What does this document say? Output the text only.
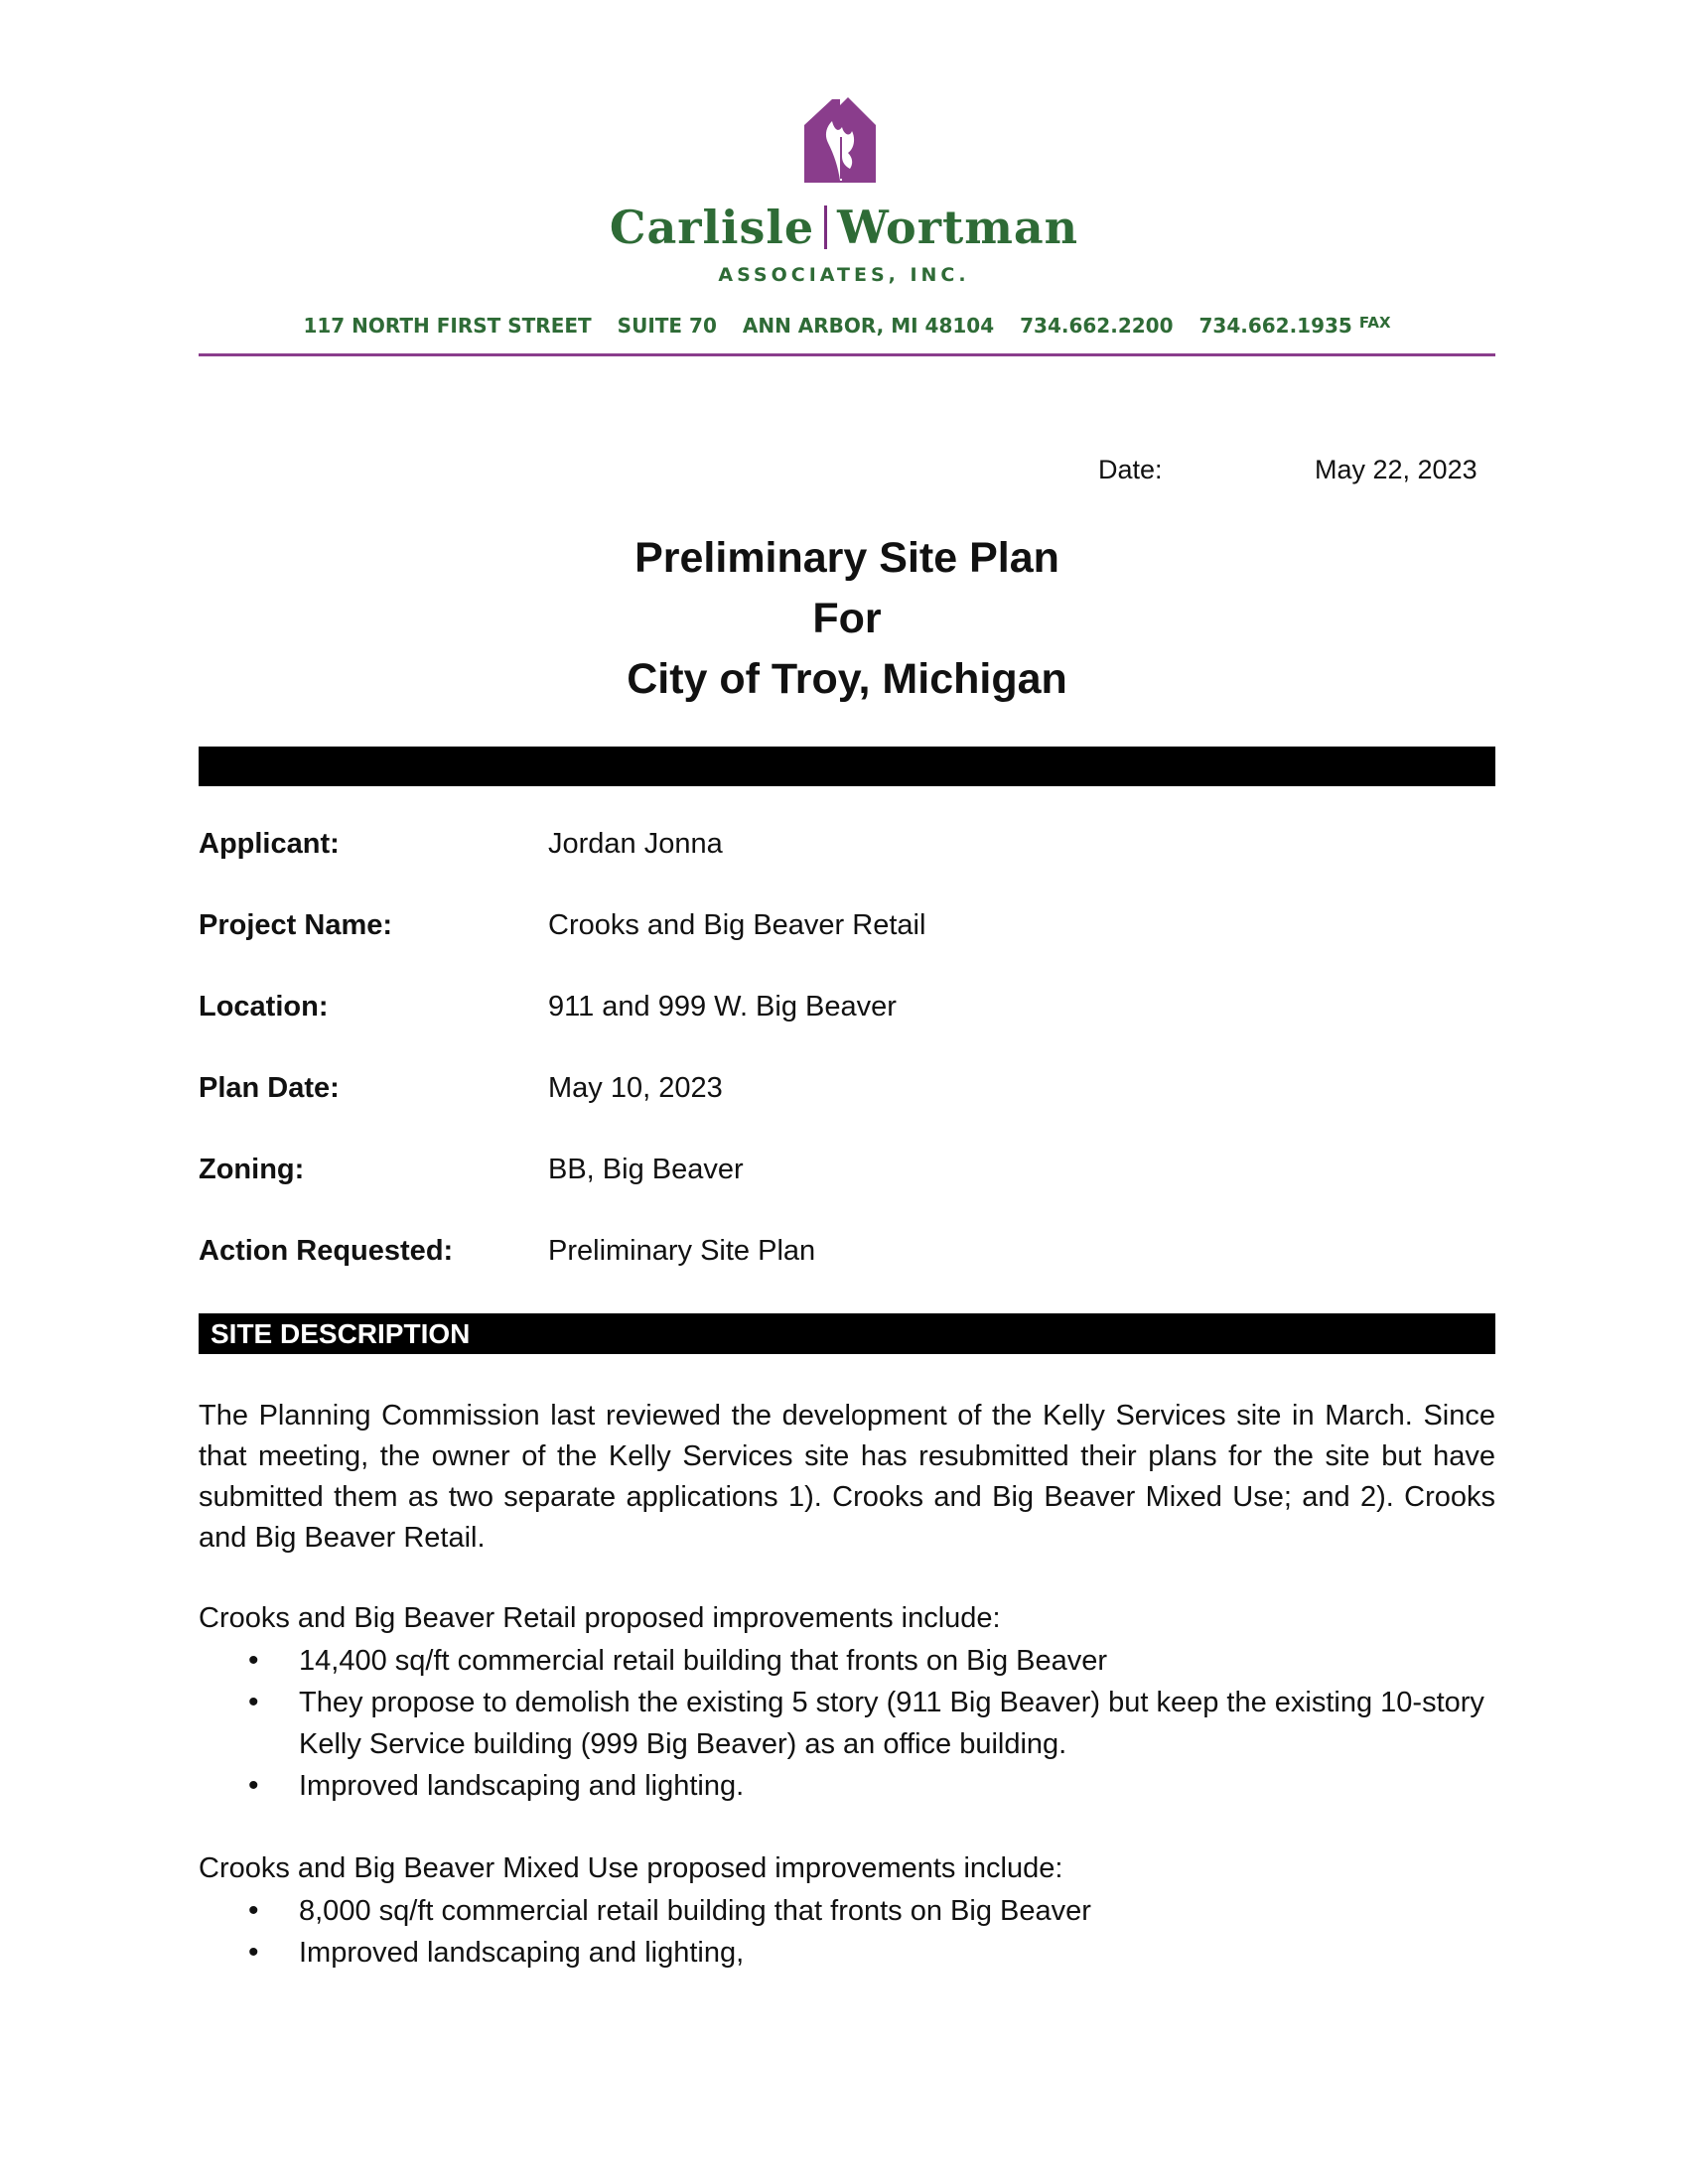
Carlisle Wortman
ASSOCIATES, INC.
117 NORTH FIRST STREET SUITE 70 ANN ARBOR, MI 48104 734.662.2200 734.662.1935 FAX
Date:	May 22, 2023
Preliminary Site Plan
For
City of Troy, Michigan
Applicant:	Jordan Jonna
Project Name:	Crooks and Big Beaver Retail
Location:	911 and 999 W. Big Beaver
Plan Date:	May 10, 2023
Zoning:	BB, Big Beaver
Action Requested:	Preliminary Site Plan
SITE DESCRIPTION
The Planning Commission last reviewed the development of the Kelly Services site in March. Since that meeting, the owner of the Kelly Services site has resubmitted their plans for the site but have submitted them as two separate applications 1). Crooks and Big Beaver Mixed Use; and 2). Crooks and Big Beaver Retail.
Crooks and Big Beaver Retail proposed improvements include:
• 14,400 sq/ft commercial retail building that fronts on Big Beaver
• They propose to demolish the existing 5 story (911 Big Beaver) but keep the existing 10-story Kelly Service building (999 Big Beaver) as an office building.
• Improved landscaping and lighting.
Crooks and Big Beaver Mixed Use proposed improvements include:
• 8,000 sq/ft commercial retail building that fronts on Big Beaver
• Improved landscaping and lighting,
